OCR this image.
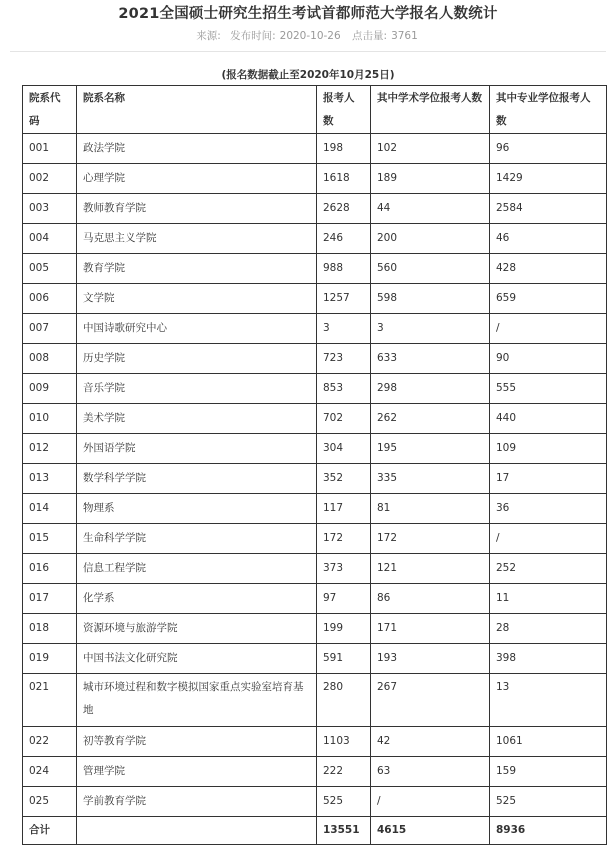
2021全国硕士研究生招生考试首都师范大学报名人数统计
来源: 发布时间: 2020-10-26 点击量: 3761
(报名数据截止至2020年10月25日)
院系代码	院系名称	报考人数	其中学术学位报考人数	其中专业学位报考人数
001	政法学院	198	102	96
002	心理学院	1618	189	1429
003	教师教育学院	2628	44	2584
004	马克思主义学院	246	200	46
005	教育学院	988	560	428
006	文学院	1257	598	659
007	中国诗歌研究中心	3	3	/
008	历史学院	723	633	90
009	音乐学院	853	298	555
010	美术学院	702	262	440
012	外国语学院	304	195	109
013	数学科学学院	352	335	17
014	物理系	117	81	36
015	生命科学学院	172	172	/
016	信息工程学院	373	121	252
017	化学系	97	86	11
018	资源环境与旅游学院	199	171	28
019	中国书法文化研究院	591	193	398
021	城市环境过程和数字模拟国家重点实验室培育基地	280	267	13
022	初等教育学院	1103	42	1061
024	管理学院	222	63	159
025	学前教育学院	525	/	525
合计		13551	4615	8936
